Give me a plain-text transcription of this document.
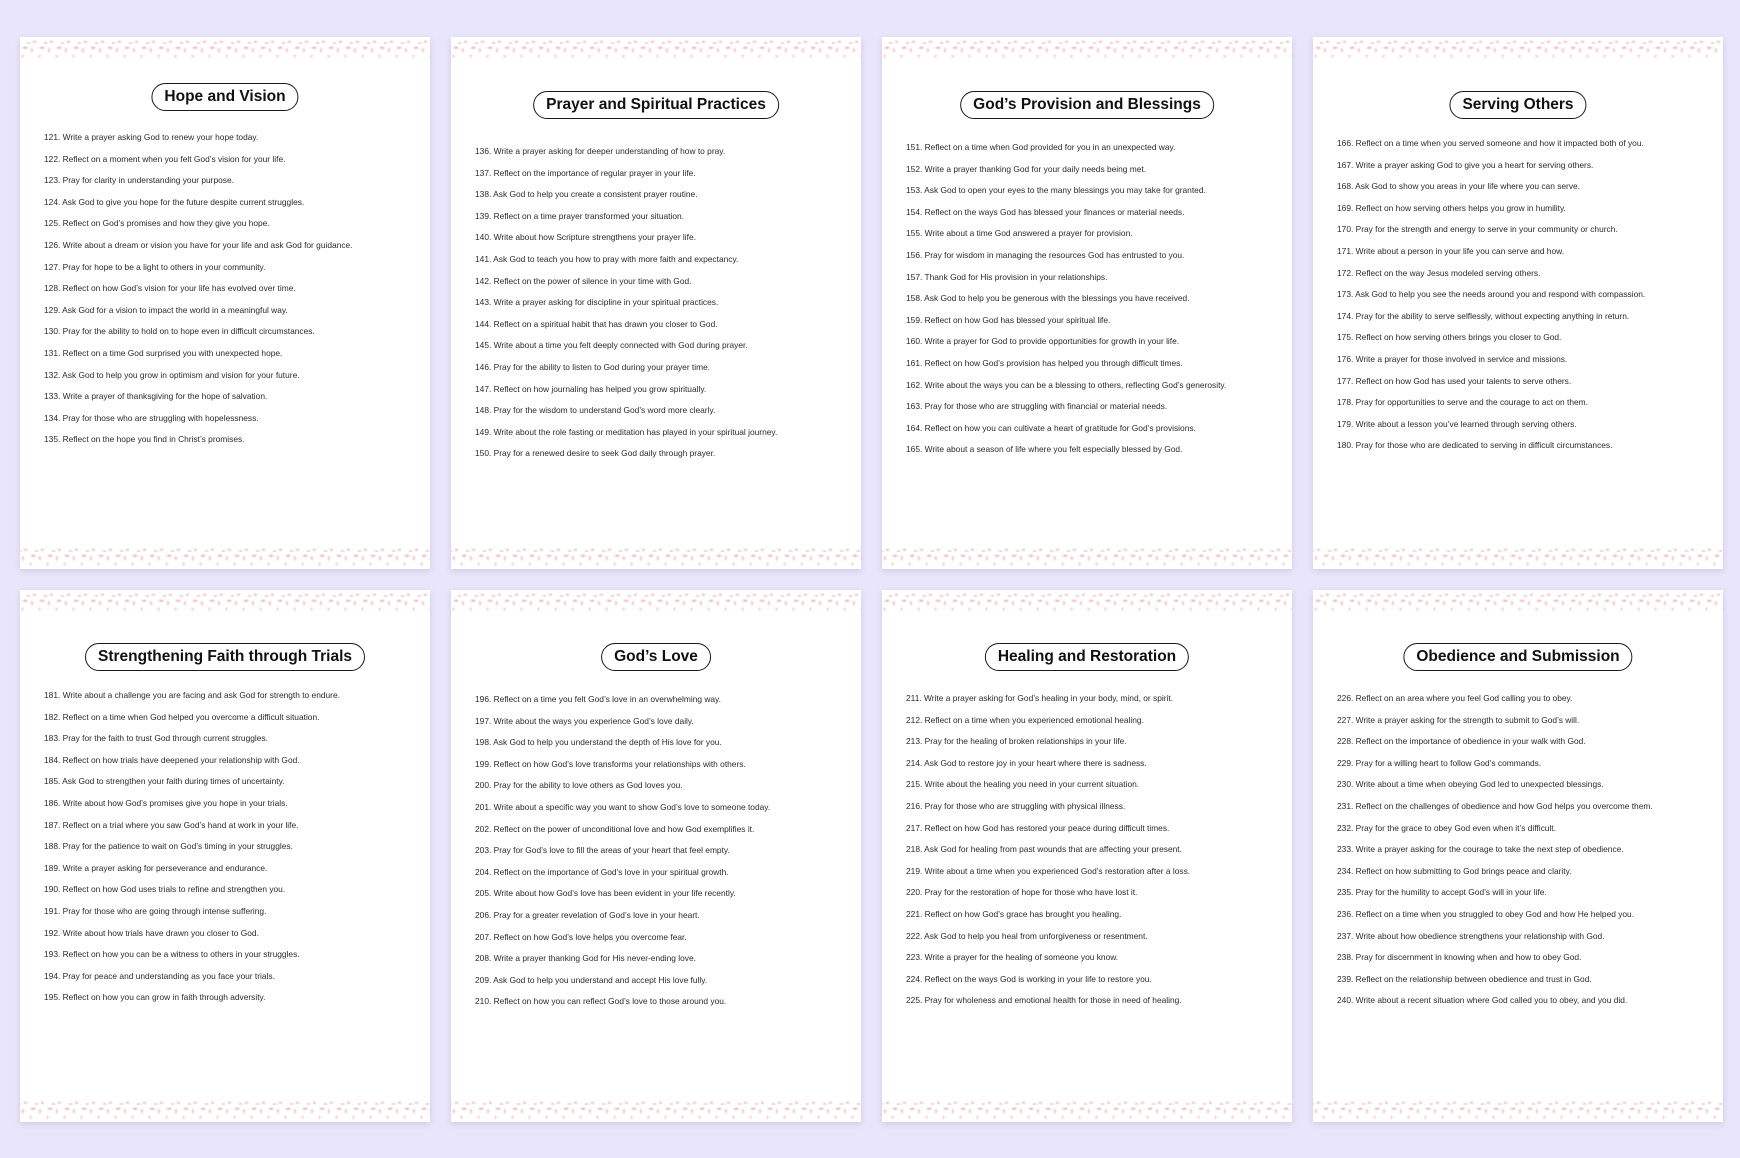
Hope and Vision
121. Write a prayer asking God to renew your hope today.
122. Reflect on a moment when you felt God’s vision for your life.
123. Pray for clarity in understanding your purpose.
124. Ask God to give you hope for the future despite current struggles.
125. Reflect on God’s promises and how they give you hope.
126. Write about a dream or vision you have for your life and ask God for guidance.
127. Pray for hope to be a light to others in your community.
128. Reflect on how God’s vision for your life has evolved over time.
129. Ask God for a vision to impact the world in a meaningful way.
130. Pray for the ability to hold on to hope even in difficult circumstances.
131. Reflect on a time God surprised you with unexpected hope.
132. Ask God to help you grow in optimism and vision for your future.
133. Write a prayer of thanksgiving for the hope of salvation.
134. Pray for those who are struggling with hopelessness.
135. Reflect on the hope you find in Christ’s promises.
Prayer and Spiritual Practices
136. Write a prayer asking for deeper understanding of how to pray.
137. Reflect on the importance of regular prayer in your life.
138. Ask God to help you create a consistent prayer routine.
139. Reflect on a time prayer transformed your situation.
140. Write about how Scripture strengthens your prayer life.
141. Ask God to teach you how to pray with more faith and expectancy.
142. Reflect on the power of silence in your time with God.
143. Write a prayer asking for discipline in your spiritual practices.
144. Reflect on a spiritual habit that has drawn you closer to God.
145. Write about a time you felt deeply connected with God during prayer.
146. Pray for the ability to listen to God during your prayer time.
147. Reflect on how journaling has helped you grow spiritually.
148. Pray for the wisdom to understand God’s word more clearly.
149. Write about the role fasting or meditation has played in your spiritual journey.
150. Pray for a renewed desire to seek God daily through prayer.
God’s Provision and Blessings
151. Reflect on a time when God provided for you in an unexpected way.
152. Write a prayer thanking God for your daily needs being met.
153. Ask God to open your eyes to the many blessings you may take for granted.
154. Reflect on the ways God has blessed your finances or material needs.
155. Write about a time God answered a prayer for provision.
156. Pray for wisdom in managing the resources God has entrusted to you.
157. Thank God for His provision in your relationships.
158. Ask God to help you be generous with the blessings you have received.
159. Reflect on how God has blessed your spiritual life.
160. Write a prayer for God to provide opportunities for growth in your life.
161. Reflect on how God’s provision has helped you through difficult times.
162. Write about the ways you can be a blessing to others, reflecting God’s generosity.
163. Pray for those who are struggling with financial or material needs.
164. Reflect on how you can cultivate a heart of gratitude for God’s provisions.
165. Write about a season of life where you felt especially blessed by God.
Serving Others
166. Reflect on a time when you served someone and how it impacted both of you.
167. Write a prayer asking God to give you a heart for serving others.
168. Ask God to show you areas in your life where you can serve.
169. Reflect on how serving others helps you grow in humility.
170. Pray for the strength and energy to serve in your community or church.
171. Write about a person in your life you can serve and how.
172. Reflect on the way Jesus modeled serving others.
173. Ask God to help you see the needs around you and respond with compassion.
174. Pray for the ability to serve selflessly, without expecting anything in return.
175. Reflect on how serving others brings you closer to God.
176. Write a prayer for those involved in service and missions.
177. Reflect on how God has used your talents to serve others.
178. Pray for opportunities to serve and the courage to act on them.
179. Write about a lesson you’ve learned through serving others.
180. Pray for those who are dedicated to serving in difficult circumstances.
Strengthening Faith through Trials
181. Write about a challenge you are facing and ask God for strength to endure.
182. Reflect on a time when God helped you overcome a difficult situation.
183. Pray for the faith to trust God through current struggles.
184. Reflect on how trials have deepened your relationship with God.
185. Ask God to strengthen your faith during times of uncertainty.
186. Write about how God’s promises give you hope in your trials.
187. Reflect on a trial where you saw God’s hand at work in your life.
188. Pray for the patience to wait on God’s timing in your struggles.
189. Write a prayer asking for perseverance and endurance.
190. Reflect on how God uses trials to refine and strengthen you.
191. Pray for those who are going through intense suffering.
192. Write about how trials have drawn you closer to God.
193. Reflect on how you can be a witness to others in your struggles.
194. Pray for peace and understanding as you face your trials.
195. Reflect on how you can grow in faith through adversity.
God’s Love
196. Reflect on a time you felt God’s love in an overwhelming way.
197. Write about the ways you experience God’s love daily.
198. Ask God to help you understand the depth of His love for you.
199. Reflect on how God’s love transforms your relationships with others.
200. Pray for the ability to love others as God loves you.
201. Write about a specific way you want to show God’s love to someone today.
202. Reflect on the power of unconditional love and how God exemplifies it.
203. Pray for God’s love to fill the areas of your heart that feel empty.
204. Reflect on the importance of God’s love in your spiritual growth.
205. Write about how God’s love has been evident in your life recently.
206. Pray for a greater revelation of God’s love in your heart.
207. Reflect on how God’s love helps you overcome fear.
208. Write a prayer thanking God for His never-ending love.
209. Ask God to help you understand and accept His love fully.
210. Reflect on how you can reflect God’s love to those around you.
Healing and Restoration
211. Write a prayer asking for God’s healing in your body, mind, or spirit.
212. Reflect on a time when you experienced emotional healing.
213. Pray for the healing of broken relationships in your life.
214. Ask God to restore joy in your heart where there is sadness.
215. Write about the healing you need in your current situation.
216. Pray for those who are struggling with physical illness.
217. Reflect on how God has restored your peace during difficult times.
218. Ask God for healing from past wounds that are affecting your present.
219. Write about a time when you experienced God’s restoration after a loss.
220. Pray for the restoration of hope for those who have lost it.
221. Reflect on how God’s grace has brought you healing.
222. Ask God to help you heal from unforgiveness or resentment.
223. Write a prayer for the healing of someone you know.
224. Reflect on the ways God is working in your life to restore you.
225. Pray for wholeness and emotional health for those in need of healing.
Obedience and Submission
226. Reflect on an area where you feel God calling you to obey.
227. Write a prayer asking for the strength to submit to God’s will.
228. Reflect on the importance of obedience in your walk with God.
229. Pray for a willing heart to follow God’s commands.
230. Write about a time when obeying God led to unexpected blessings.
231. Reflect on the challenges of obedience and how God helps you overcome them.
232. Pray for the grace to obey God even when it’s difficult.
233. Write a prayer asking for the courage to take the next step of obedience.
234. Reflect on how submitting to God brings peace and clarity.
235. Pray for the humility to accept God’s will in your life.
236. Reflect on a time when you struggled to obey God and how He helped you.
237. Write about how obedience strengthens your relationship with God.
238. Pray for discernment in knowing when and how to obey God.
239. Reflect on the relationship between obedience and trust in God.
240. Write about a recent situation where God called you to obey, and you did.
